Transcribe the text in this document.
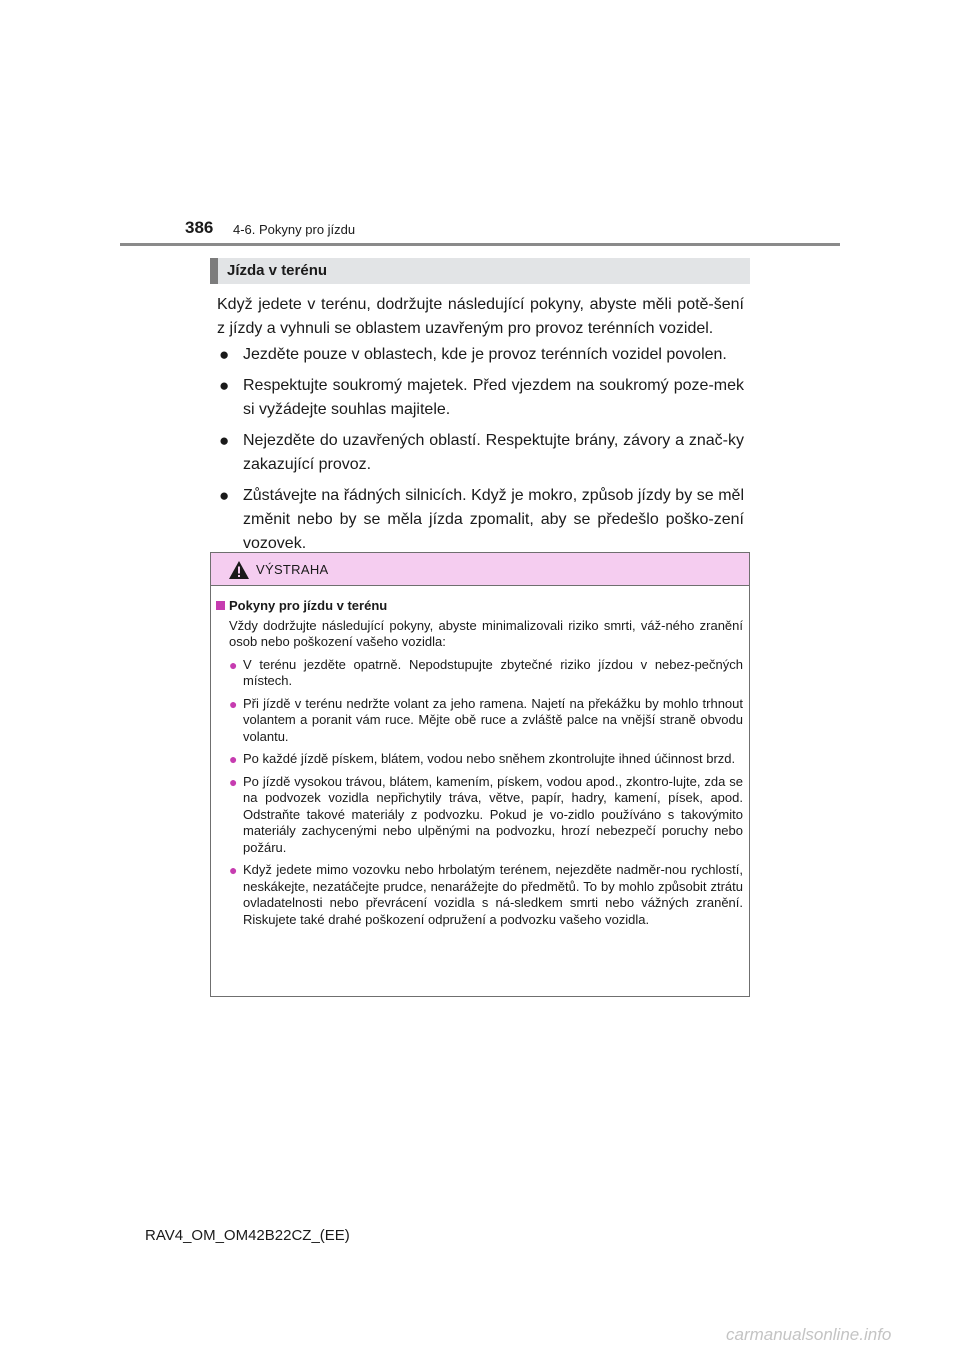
386 4-6. Pokyny pro jízdu
Jízda v terénu

Když jedete v terénu, dodržujte následující pokyny, abyste měli potě-šení z jízdy a vyhnuli se oblastem uzavřeným pro provoz terénních vozidel.

● Jezděte pouze v oblastech, kde je provoz terénních vozidel povolen.
● Respektujte soukromý majetek. Před vjezdem na soukromý poze-mek si vyžádejte souhlas majitele.
● Nejezděte do uzavřených oblastí. Respektujte brány, závory a znač-ky zakazující provoz.
● Zůstávejte na řádných silnicích. Když je mokro, způsob jízdy by se měl změnit nebo by se měla jízda zpomalit, aby se předešlo poško-zení vozovek.
VÝSTRAHA
Pokyny pro jízdu v terénu
Vždy dodržujte následující pokyny, abyste minimalizovali riziko smrti, váž-ného zranění osob nebo poškození vašeho vozidla:
● V terénu jezděte opatrně. Nepodstupujte zbytečné riziko jízdou v nebez-pečných místech.
● Při jízdě v terénu nedržte volant za jeho ramena. Najetí na překážku by mohlo trhnout volantem a poranit vám ruce. Mějte obě ruce a zvláště palce na vnější straně obvodu volantu.
● Po každé jízdě pískem, blátem, vodou nebo sněhem zkontrolujte ihned účinnost brzd.
● Po jízdě vysokou trávou, blátem, kamením, pískem, vodou apod., zkontro-lujte, zda se na podvozek vozidla nepřichytily tráva, větve, papír, hadry, kamení, písek, apod. Odstraňte takové materiály z podvozku. Pokud je vo-zidlo používáno s takovýmito materiály zachycenými nebo ulpěnými na podvozku, hrozí nebezpečí poruchy nebo požáru.
● Když jedete mimo vozovku nebo hrbolatým terénem, nejezděte nadměr-nou rychlostí, neskákejte, nezatáčejte prudce, nenarážejte do předmětů. To by mohlo způsobit ztrátu ovladatelnosti nebo převrácení vozidla s ná-sledkem smrti nebo vážných zranění. Riskujete také drahé poškození odpružení a podvozku vašeho vozidla.
RAV4_OM_OM42B22CZ_(EE)
carmanualsonline.info
